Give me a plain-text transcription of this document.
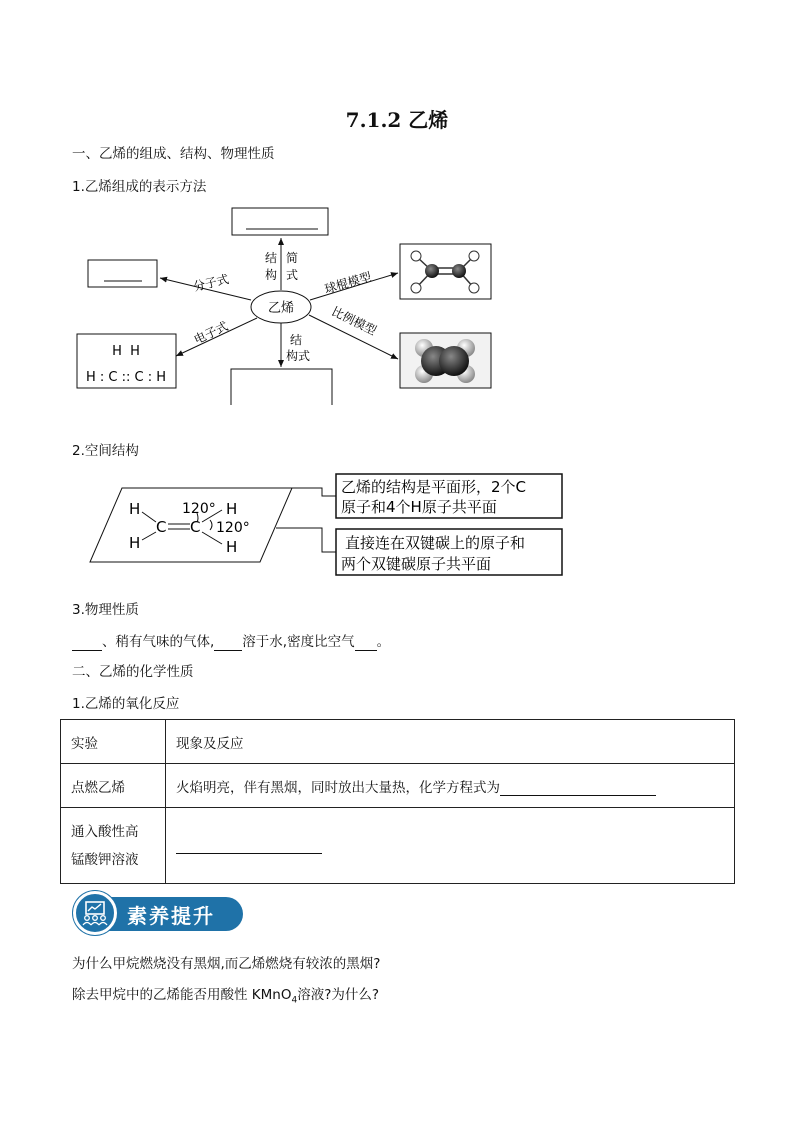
7.1.2 乙烯
一、乙烯的组成、结构、物理性质
1.乙烯组成的表示方法
乙烯
结
构
简
式
分子式
电子式	结
构式
球棍模型
比例模型
H  H
H : C :: C : H
2.空间结构
H
H
C C
H
H
120°
120°
乙烯的结构是平面形，2个C
原子和4个H原子共平面
直接连在双键碳上的原子和
两个双键碳原子共平面
3.物理性质
、稍有气味的气体, 溶于水,密度比空气 。
二、乙烯的化学性质
1.乙烯的氧化反应
实验	现象及反应
点燃乙烯	火焰明亮，伴有黑烟，同时放出大量热，化学方程式为

通入酸性高
锰酸钾溶液	

素养提升
为什么甲烷燃烧没有黑烟,而乙烯燃烧有较浓的黑烟?
除去甲烷中的乙烯能否用酸性 KMnO$_4$溶液?为什么?
